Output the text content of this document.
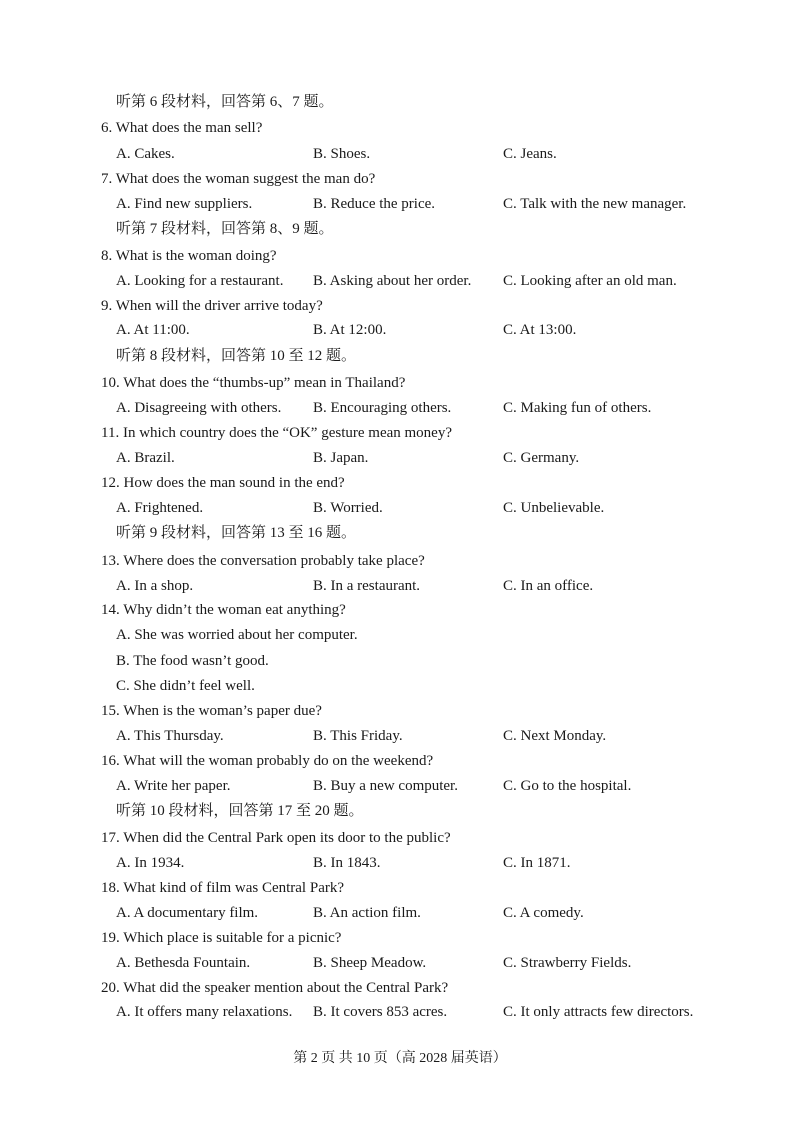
听第 6 段材料，回答第 6、7 题。
6. What does the man sell?
A. Cakes.	B. Shoes.	C. Jeans.
7. What does the woman suggest the man do?
A. Find new suppliers.	B. Reduce the price.	C. Talk with the new manager.
听第 7 段材料，回答第 8、9 题。
8. What is the woman doing?
A. Looking for a restaurant. B. Asking about her order. C. Looking after an old man.
9. When will the driver arrive today?
A. At 11:00.	B. At 12:00.	C. At 13:00.
听第 8 段材料，回答第 10 至 12 题。
10. What does the “thumbs-up” mean in Thailand?
A. Disagreeing with others. B. Encouraging others.	C. Making fun of others.
11. In which country does the “OK” gesture mean money?
A. Brazil.	B. Japan.	C. Germany.
12. How does the man sound in the end?
A. Frightened.	B. Worried.	C. Unbelievable.
听第 9 段材料，回答第 13 至 16 题。
13. Where does the conversation probably take place?
A. In a shop.	B. In a restaurant.	C. In an office.
14. Why didn’t the woman eat anything?
A. She was worried about her computer.
B. The food wasn’t good.
C. She didn’t feel well.
15. When is the woman’s paper due?
A. This Thursday.	B. This Friday.	C. Next Monday.
16. What will the woman probably do on the weekend?
A. Write her paper.	B. Buy a new computer.	C. Go to the hospital.
听第 10 段材料，回答第 17 至 20 题。
17. When did the Central Park open its door to the public?
A. In 1934.	B. In 1843.	C. In 1871.
18. What kind of film was Central Park?
A. A documentary film.	B. An action film.	C. A comedy.
19. Which place is suitable for a picnic?
A. Bethesda Fountain.	B. Sheep Meadow.	C. Strawberry Fields.
20. What did the speaker mention about the Central Park?
A. It offers many relaxations. B. It covers 853 acres.	C. It only attracts few directors.
第 2 页 共 10 页（高 2028 届英语）
